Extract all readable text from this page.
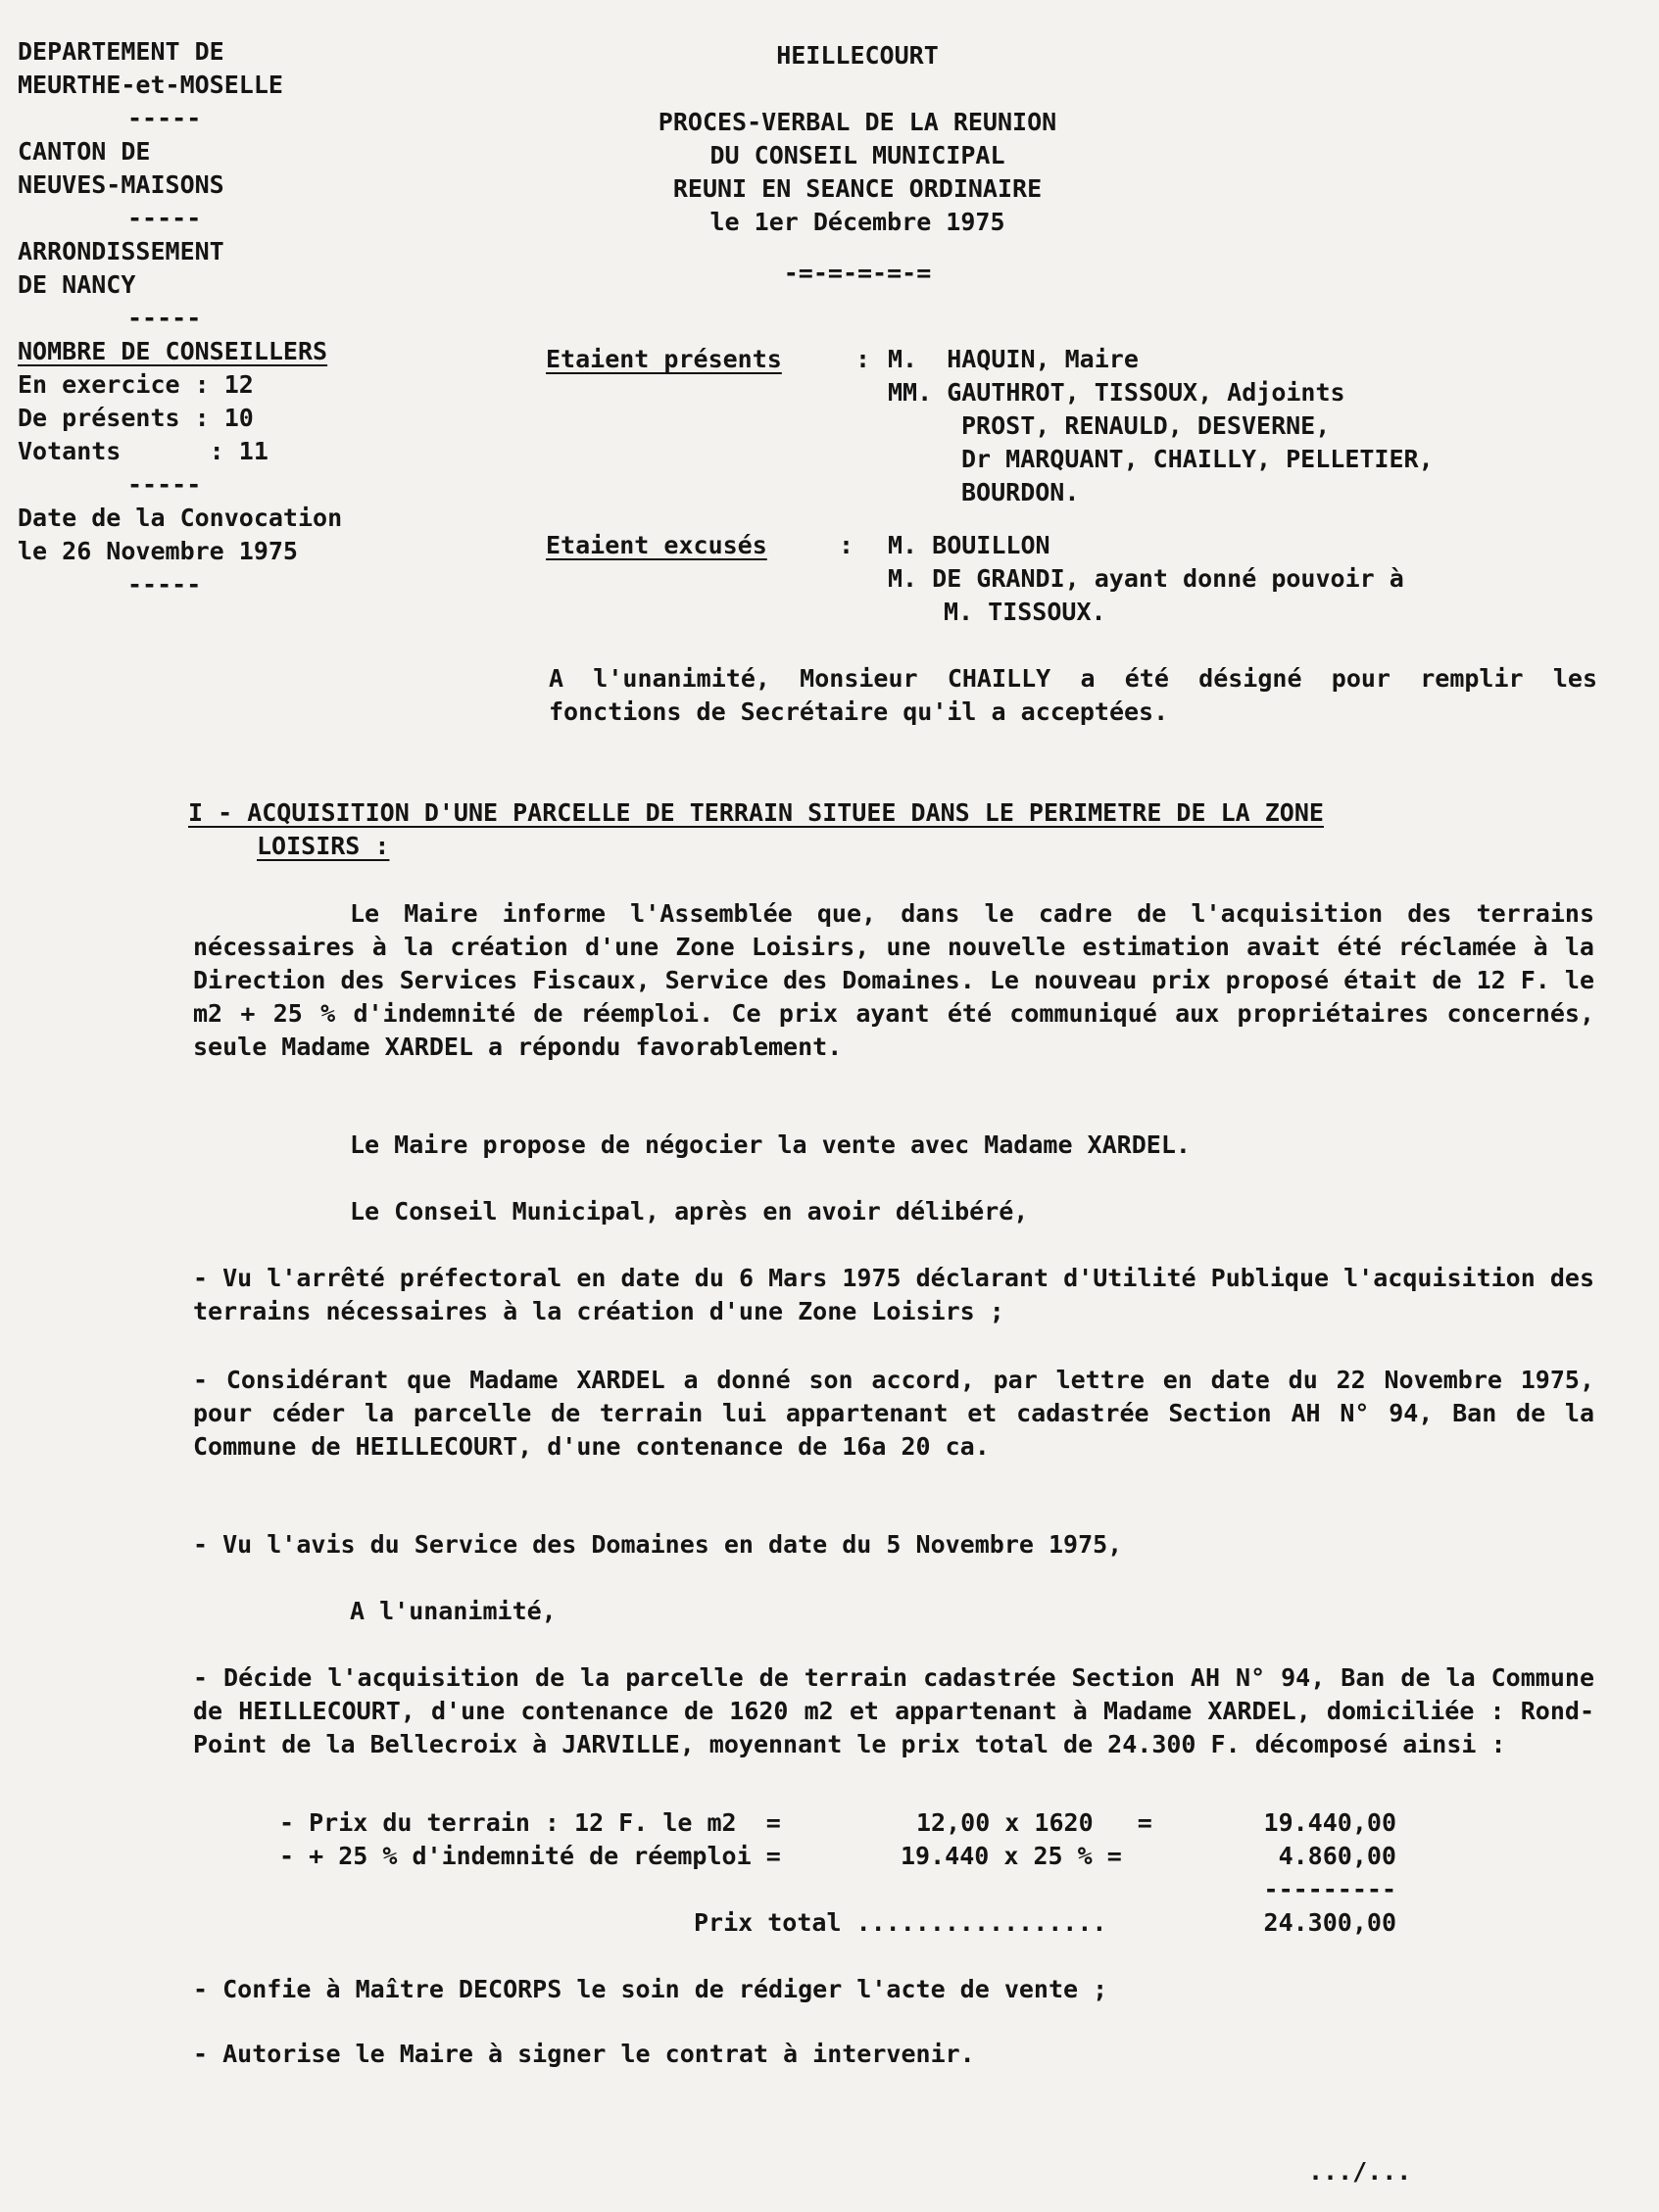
DEPARTEMENT DE
MEURTHE-et-MOSELLE
-----
CANTON DE
NEUVES-MAISONS
-----
ARRONDISSEMENT
DE NANCY
-----
NOMBRE DE CONSEILLERS
En exercice : 12
De présents : 10
Votants      : 11
-----
Date de la Convocation
le 26 Novembre 1975
-----
HEILLECOURT
PROCES-VERBAL DE LA REUNION
DU CONSEIL MUNICIPAL
REUNI EN SEANCE ORDINAIRE
le 1er Décembre 1975
-=-=-=-=-=
Etaient présents	: M.  HAQUIN, Maire
MM. GAUTHROT, TISSOUX, Adjoints
PROST, RENAULD, DESVERNE,
Dr MARQUANT, CHAILLY, PELLETIER,
BOURDON.
Etaient excusés	: M. BOUILLON
M. DE GRANDI, ayant donné pouvoir à
M. TISSOUX.

A l'unanimité, Monsieur CHAILLY a été désigné pour remplir les fonctions de Secrétaire qu'il a acceptées.

I - ACQUISITION D'UNE PARCELLE DE TERRAIN SITUEE DANS LE PERIMETRE DE LA ZONE
LOISIRS :

Le Maire informe l'Assemblée que, dans le cadre de l'acquisition des terrains nécessaires à la création d'une Zone Loisirs, une nouvelle estimation avait été réclamée à la Direction des Services Fiscaux, Service des Domaines. Le nouveau prix proposé était de 12 F. le m2 + 25 % d'indemnité de réemploi. Ce prix ayant été communiqué aux propriétaires concernés, seule Madame XARDEL a répondu favorablement.

Le Maire propose de négocier la vente avec Madame XARDEL.
Le Conseil Municipal, après en avoir délibéré,

- Vu l'arrêté préfectoral en date du 6 Mars 1975 déclarant d'Utilité Publique l'acquisition des terrains nécessaires à la création d'une Zone Loisirs ;

- Considérant que Madame XARDEL a donné son accord, par lettre en date du 22 Novembre 1975, pour céder la parcelle de terrain lui appartenant et cadastrée Section AH N° 94, Ban de la Commune de HEILLECOURT, d'une contenance de 16a 20 ca.

- Vu l'avis du Service des Domaines en date du 5 Novembre 1975,
A l'unanimité,

- Décide l'acquisition de la parcelle de terrain cadastrée Section AH N° 94, Ban de la Commune de HEILLECOURT, d'une contenance de 1620 m2 et appartenant à Madame XARDEL, domiciliée : Rond-Point de la Bellecroix à JARVILLE, moyennant le prix total de 24.300 F. décomposé ainsi :

- Prix du terrain : 12 F. le m2  =	12,00 x 1620   =	19.440,00
- + 25 % d'indemnité de réemploi =	19.440 x 25 % =	4.860,00
---------
Prix total .................	24.300,00
- Confie à Maître DECORPS le soin de rédiger l'acte de vente ;
- Autorise le Maire à signer le contrat à intervenir.
.../...
